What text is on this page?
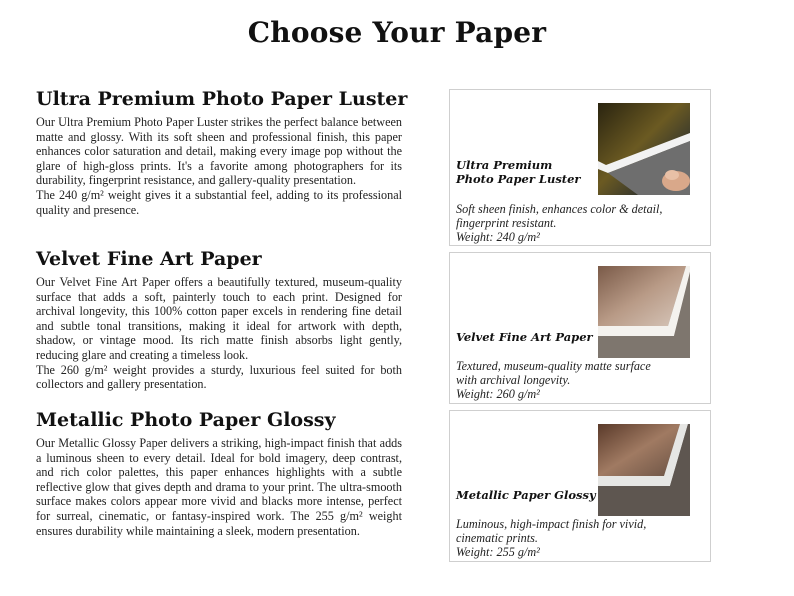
Choose Your Paper
Ultra Premium Photo Paper Luster

Our Ultra Premium Photo Paper Luster strikes the perfect balance between matte and glossy. With its soft sheen and professional finish, this paper enhances color saturation and detail, making every image pop without the glare of high-gloss prints. It's a favorite among photographers for its durability, fingerprint resistance, and gallery-quality presentation.
The 240 g/m² weight gives it a substantial feel, adding to its professional quality and presence.

Velvet Fine Art Paper

Our Velvet Fine Art Paper offers a beautifully textured, museum-quality surface that adds a soft, painterly touch to each print. Designed for archival longevity, this 100% cotton paper excels in rendering fine detail and subtle tonal transitions, making it ideal for artwork with depth, shadow, or vintage mood. Its rich matte finish absorbs light gently, reducing glare and creating a timeless look.
The 260 g/m² weight provides a sturdy, luxurious feel suited for both collectors and gallery presentation.

Metallic Photo Paper Glossy

Our Metallic Glossy Paper delivers a striking, high-impact finish that adds a luminous sheen to every detail. Ideal for bold imagery, deep contrast, and rich color palettes, this paper enhances highlights with a subtle reflective glow that gives depth and drama to your print. The ultra-smooth surface makes colors appear more vivid and blacks more intense, perfect for surreal, cinematic, or fantasy-inspired work. The 255 g/m² weight ensures durability while maintaining a sleek, modern presentation.

Ultra Premium
Photo Paper Luster
Soft sheen finish, enhances color & detail,
fingerprint resistant.
Weight: 240 g/m²
Velvet Fine Art Paper
Textured, museum-quality matte surface
with archival longevity.
Weight: 260 g/m²
Metallic Paper Glossy
Luminous, high-impact finish for vivid,
cinematic prints.
Weight: 255 g/m²
